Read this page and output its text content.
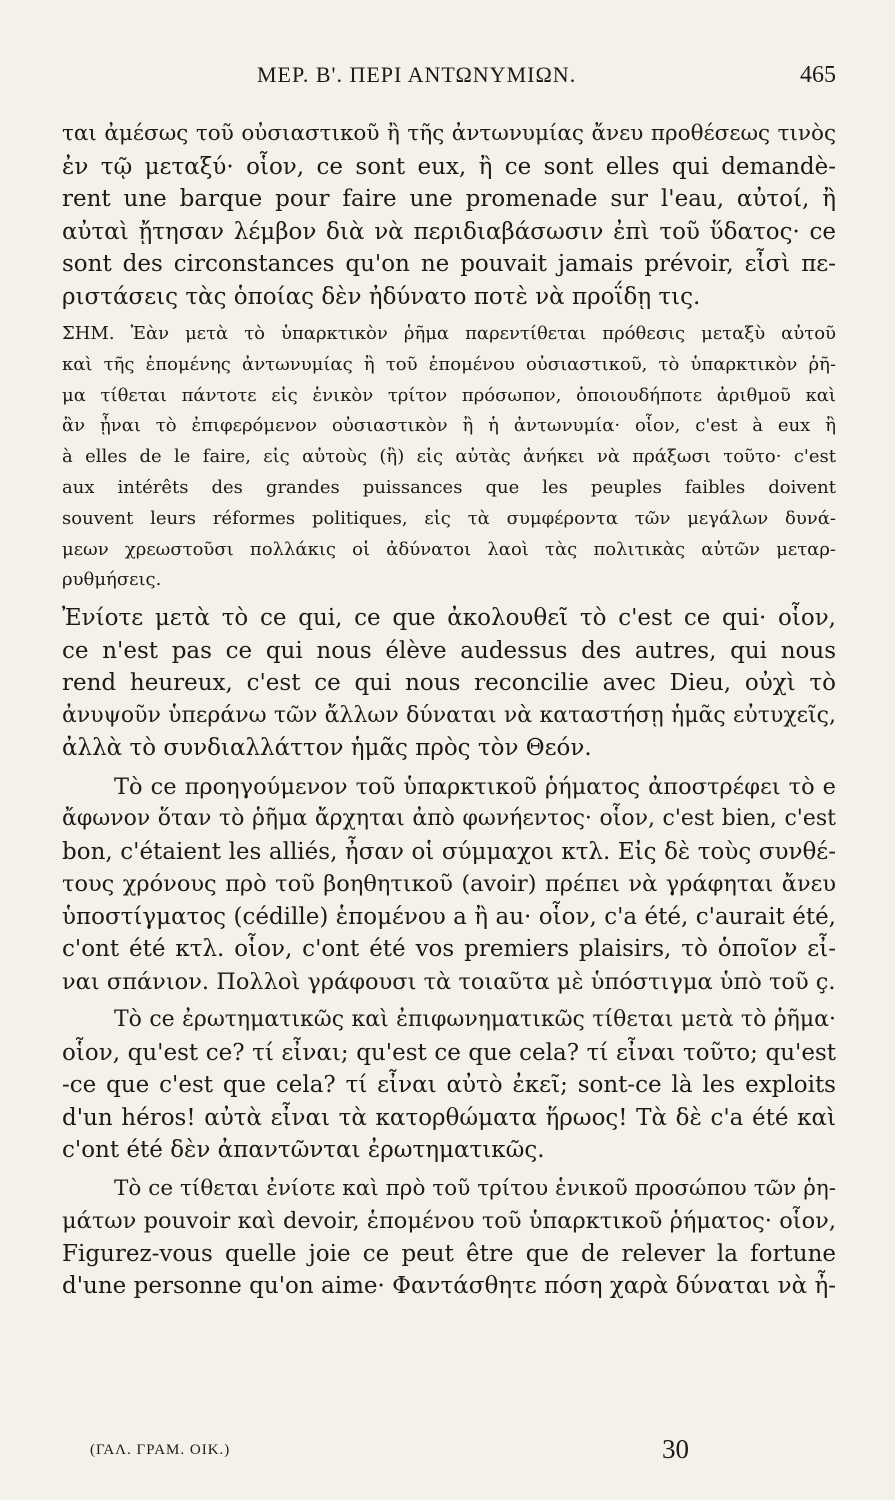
ΜΕΡ. Β'. ΠΕΡΙ ΑΝΤΩΝΥΜΙΩΝ.	465
ται ἀμέσως τοῦ οὐσιαστικοῦ ἢ τῆς ἀντωνυμίας ἄνευ προθέσεως τινὸς
ἐν τῷ μεταξύ· οἷον, ce sont eux, ἢ ce sont elles qui demandè-
rent une barque pour faire une promenade sur l'eau, αὐτοί, ἢ
αὐταὶ ᾔτησαν λέμβον διὰ νὰ περιδιαβάσωσιν ἐπὶ τοῦ ὕδατος· ce
sont des circonstances qu'on ne pouvait jamais prévoir, εἶσὶ πε-
ριστάσεις τὰς ὁποίας δὲν ἠδύνατο ποτὲ νὰ προΐδῃ τις.
ΣΗΜ. Ἐὰν μετὰ τὸ ὑπαρκτικὸν ῥῆμα παρεντίθεται πρόθεσις μεταξὺ αὐτοῦ
καὶ τῆς ἑπομένης ἀντωνυμίας ἢ τοῦ ἑπομένου οὐσιαστικοῦ, τὸ ὑπαρκτικὸν ῥῆ-
μα τίθεται πάντοτε εἰς ἑνικὸν τρίτον πρόσωπον, ὁποιουδήποτε ἀριθμοῦ καὶ
ἂν ᾖναι τὸ ἐπιφερόμενον οὐσιαστικὸν ἢ ἡ ἀντωνυμία· οἷον, c'est à eux ἢ
à elles de le faire, εἰς αὐτοὺς (ἢ) εἰς αὐτὰς ἀνήκει νὰ πράξωσι τοῦτο· c'est
aux intérêts des grandes puissances que les peuples faibles doivent
souvent leurs réformes politiques, εἰς τὰ συμφέροντα τῶν μεγάλων δυνά-
μεων χρεωστοῦσι πολλάκις οἱ ἀδύνατοι λαοὶ τὰς πολιτικὰς αὐτῶν μεταρ-
ρυθμήσεις.
Ἐνίοτε μετὰ τὸ ce qui, ce que ἀκολουθεῖ τὸ c'est ce qui· οἷον,
ce n'est pas ce qui nous élève audessus des autres, qui nous
rend heureux, c'est ce qui nous reconcilie avec Dieu, οὐχὶ τὸ
ἀνυψοῦν ὑπεράνω τῶν ἄλλων δύναται νὰ καταστήσῃ ἡμᾶς εὐτυχεῖς,
ἀλλὰ τὸ συνδιαλλάττον ἡμᾶς πρὸς τὸν Θεόν.
Τὸ ce προηγούμενον τοῦ ὑπαρκτικοῦ ῥήματος ἀποστρέφει τὸ e
ἄφωνον ὅταν τὸ ῥῆμα ἄρχηται ἀπὸ φωνήεντος· οἷον, c'est bien, c'est
bon, c'étaient les alliés, ἦσαν οἱ σύμμαχοι κτλ. Εἰς δὲ τοὺς συνθέ-
τους χρόνους πρὸ τοῦ βοηθητικοῦ (avoir) πρέπει νὰ γράφηται ἄνευ
ὑποστίγματος (cédille) ἑπομένου a ἢ au· οἷον, c'a été, c'aurait été,
c'ont été κτλ. οἷον, c'ont été vos premiers plaisirs, τὸ ὁποῖον εἶ-
ναι σπάνιον. Πολλοὶ γράφουσι τὰ τοιαῦτα μὲ ὑπόστιγμα ὑπὸ τοῦ ç.
Τὸ ce ἐρωτηματικῶς καὶ ἐπιφωνηματικῶς τίθεται μετὰ τὸ ῥῆμα·
οἷον, qu'est ce? τί εἶναι; qu'est ce que cela? τί εἶναι τοῦτο; qu'est
-ce que c'est que cela? τί εἶναι αὐτὸ ἐκεῖ; sont-ce là les exploits
d'un héros! αὐτὰ εἶναι τὰ κατορθώματα ἥρωος! Τὰ δὲ c'a été καὶ
c'ont été δὲν ἀπαντῶνται ἐρωτηματικῶς.
Τὸ ce τίθεται ἐνίοτε καὶ πρὸ τοῦ τρίτου ἑνικοῦ προσώπου τῶν ῥη-
μάτων pouvoir καὶ devoir, ἑπομένου τοῦ ὑπαρκτικοῦ ῥήματος· οἷον,
Figurez-vous quelle joie ce peut être que de relever la fortune
d'une personne qu'on aime· Φαντάσθητε πόση χαρὰ δύναται νὰ ἦ-
(ΓΑΛ. ΓΡΑΜ. ΟΙΚ.)	30
